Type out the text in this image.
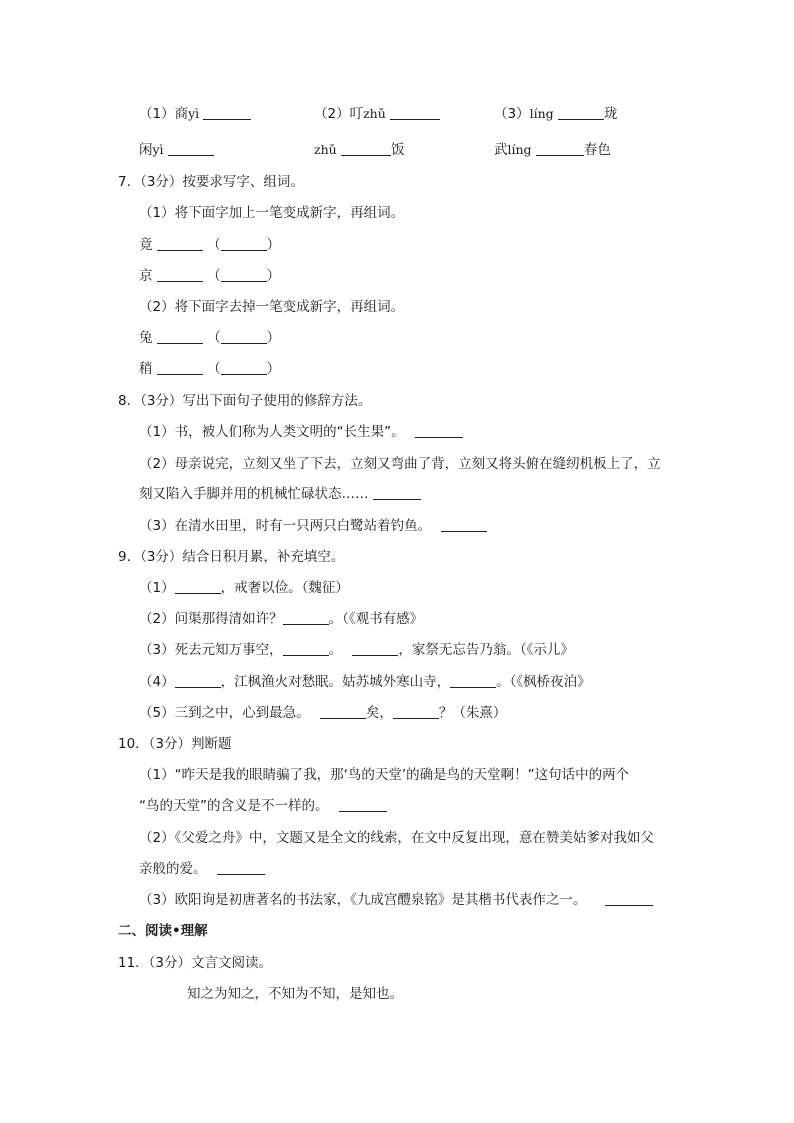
（1）商yì	（2）叮zhǔ	（3）líng	珑
闲yì	zhǔ	饭	武líng	春色
7．（3分）按要求写字、组词。
（1）将下面字加上一笔变成新字，再组词。
竟	（	）
京	（	）
（2）将下面字去掉一笔变成新字，再组词。
兔	（	）
稍	（	）
8．（3分）写出下面句子使用的修辞方法。
（1）书，被人们称为人类文明的“长生果”。
（2）母亲说完，立刻又坐了下去，立刻又弯曲了背，立刻又将头俯在缝纫机板上了，立
刻又陷入手脚并用的机械忙碌状态……
（3）在清水田里，时有一只两只白鹭站着钓鱼。
9．（3分）结合日积月累，补充填空。
（1）	，戒奢以俭。（魏征）
（2）问渠那得清如许？	。（《观书有感》
（3）死去元知万事空，	。	，家祭无忘告乃翁。（《示儿》
（4）	，江枫渔火对愁眠。姑苏城外寒山寺，	。（《枫桥夜泊》
（5）三到之中，心到最急。	矣，	？（朱熹）
10．（3分）判断题
（1）“昨天是我的眼睛骗了我，那‘鸟的天堂’的确是鸟的天堂啊！”这句话中的两个
“鸟的天堂”的含义是不一样的。
（2）《父爱之舟》中，文题又是全文的线索，在文中反复出现，意在赞美姑爹对我如父
亲般的爱。
（3）欧阳询是初唐著名的书法家，《九成宫醴泉铭》是其楷书代表作之一。
二、阅读•理解
11．（3分）文言文阅读。
知之为知之，不知为不知，是知也。
